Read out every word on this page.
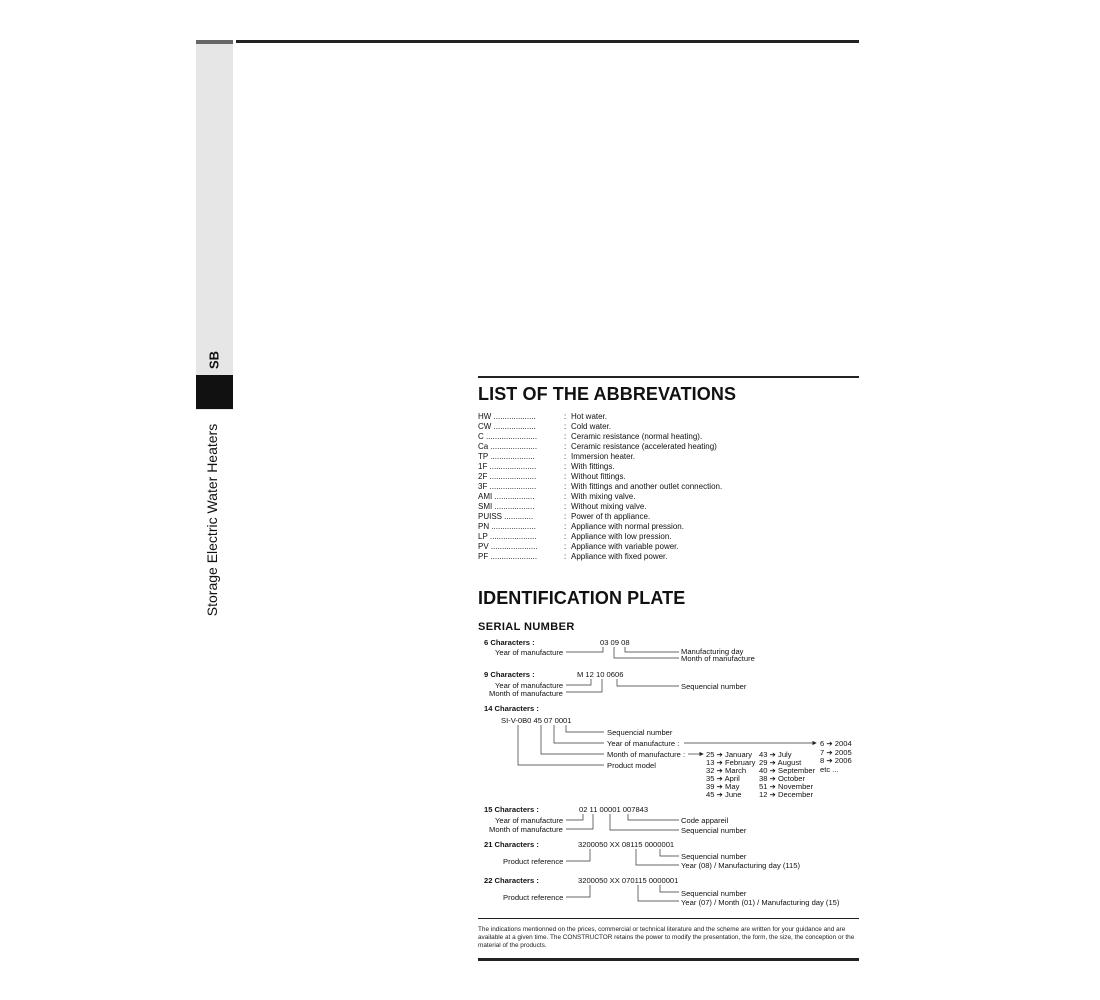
SB
Storage Electric Water Heaters
LIST OF THE ABBREVATIONS
HW ...................	: Hot water.
CW ...................	: Cold water.
C .......................	: Ceramic resistance (normal heating).
Ca .....................	: Ceramic resistance (accelerated heating)
TP ....................	: Immersion heater.
1F .....................	: With fittings.
2F .....................	: Without fittings.
3F .....................	: With fittings and another outlet connection.
AMI ..................	: With mixing valve.
SMI ..................	: Without mixing valve.
PUISS .............	: Power of th appliance.
PN ....................	: Appliance with normal pression.
LP .....................	: Appliance with low pression.
PV .....................	: Appliance with variable power.
PF .....................	: Appliance with fixed power.
IDENTIFICATION PLATE
SERIAL NUMBER
6 Characters :
Year of manufacture
03 09 08
Manufacturing day
Month of manufacture
9 Characters :	M 12 10 0606
Year of manufacture
Month of manufacture
Sequencial number
14 Characters :
SI-V-0B0 45 07 0001
Sequencial number
Year of manufacture :
Month of manufacture :
Product model
6 ➔ 2004
7 ➔ 2005
8 ➔ 2006
etc ...
25 ➔ January
13 ➔ February
32 ➔ March
35 ➔ April
39 ➔ May
45 ➔ June
43 ➔ July
29 ➔ August
40 ➔ September
38 ➔ October
51 ➔ November
12 ➔ December
15 Characters :	02 11 00001 007843
Year of manufacture
Month of manufacture
Code appareil
Sequencial number
21 Characters :	3200050 XX 08115 0000001
Product reference
Sequencial number
Year (08) / Manufacturing day (115)
22 Characters :	3200050 XX 070115 0000001
Product reference	Sequencial number
Year (07) / Month (01) / Manufacturing day (15)
The indications mentionned on the prices, commercial or technical literature and the scheme are written for your guidance and are available at a given time. The CONSTRUCTOR retains the power to modify the presentation, the form, the size, the conception or the material of the products.
